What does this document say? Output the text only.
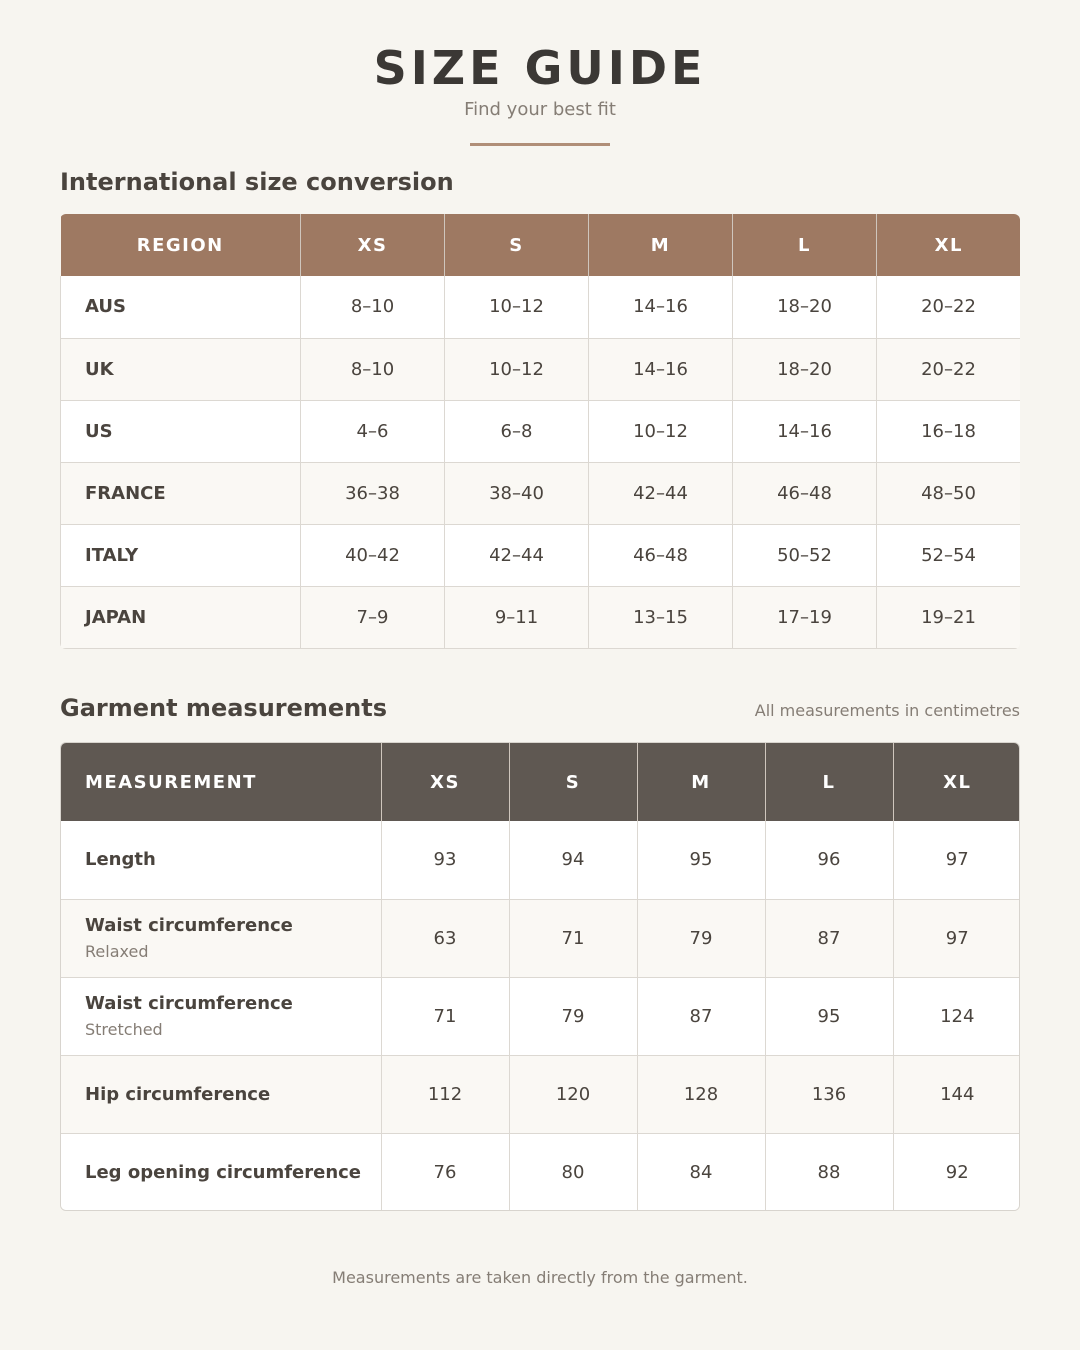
SIZE GUIDE
Find your best fit
International size conversion
REGION	XS	S	M	L	XL
AUS	8–10	10–12	14–16	18–20	20–22
UK	8–10	10–12	14–16	18–20	20–22
US	4–6	6–8	10–12	14–16	16–18
FRANCE	36–38	38–40	42–44	46–48	48–50
ITALY	40–42	42–44	46–48	50–52	52–54
JAPAN	7–9	9–11	13–15	17–19	19–21
Garment measurements	All measurements in centimetres
MEASUREMENT	XS	S	M	L	XL
Length	93	94	95	96	97
Waist circumference
Relaxed	63	71	79	87	97
Waist circumference
Stretched	71	79	87	95	124
Hip circumference	112	120	128	136	144
Leg opening circumference	76	80	84	88	92
Measurements are taken directly from the garment.
